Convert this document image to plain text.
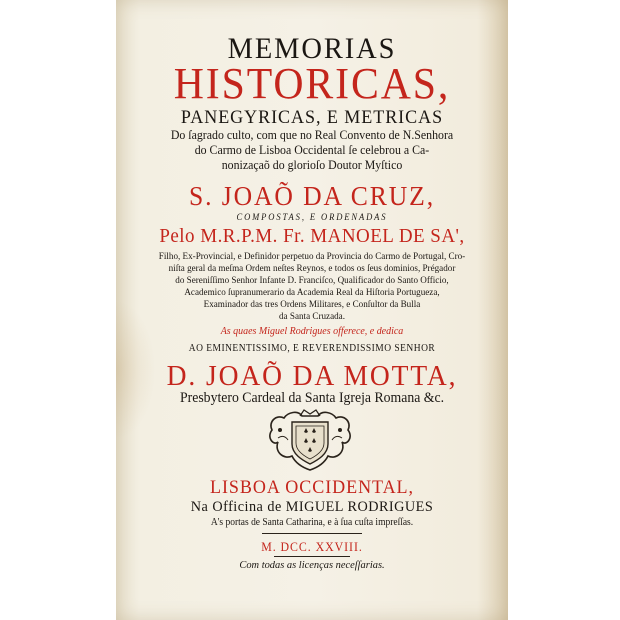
MEMORIAS
HISTORICAS,
PANEGYRICAS, E METRICAS
Do ſagrado culto, com que no Real Convento de N.Senhora
do Carmo de Lisboa Occidental ſe celebrou a Ca-
nonizaçaõ do glorioſo Doutor Myſtico
S. JOAÕ DA CRUZ,
COMPOSTAS, E ORDENADAS
Pelo M.R.P.M. Fr. MANOEL DE SA',
Filho, Ex-Provincial, e Definidor perpetuo da Provincia do Carmo de Portugal, Cro-
niſta geral da meſma Ordem neſtes Reynos, e todos os ſeus dominios, Prégador
do Sereniſſimo Senhor Infante D. Franciſco, Qualificador do Santo Officio,
Academico ſupranumerario da Academia Real da Hiſtoria Portugueza,
Examinador das tres Ordens Militares, e Conſultor da Bulla
da Santa Cruzada.
As quaes Miguel Rodrigues offerece, e dedica
AO EMINENTISSIMO, E REVERENDISSIMO SENHOR
D. JOAÕ DA MOTTA,
Presbytero Cardeal da Santa Igreja Romana &c.
LISBOA OCCIDENTAL,
Na Officina de MIGUEL RODRIGUES
A's portas de Santa Catharina, e à ſua cuſta impreſſas.
M. DCC. XXVIII.
Com todas as licenças neceſſarias.
